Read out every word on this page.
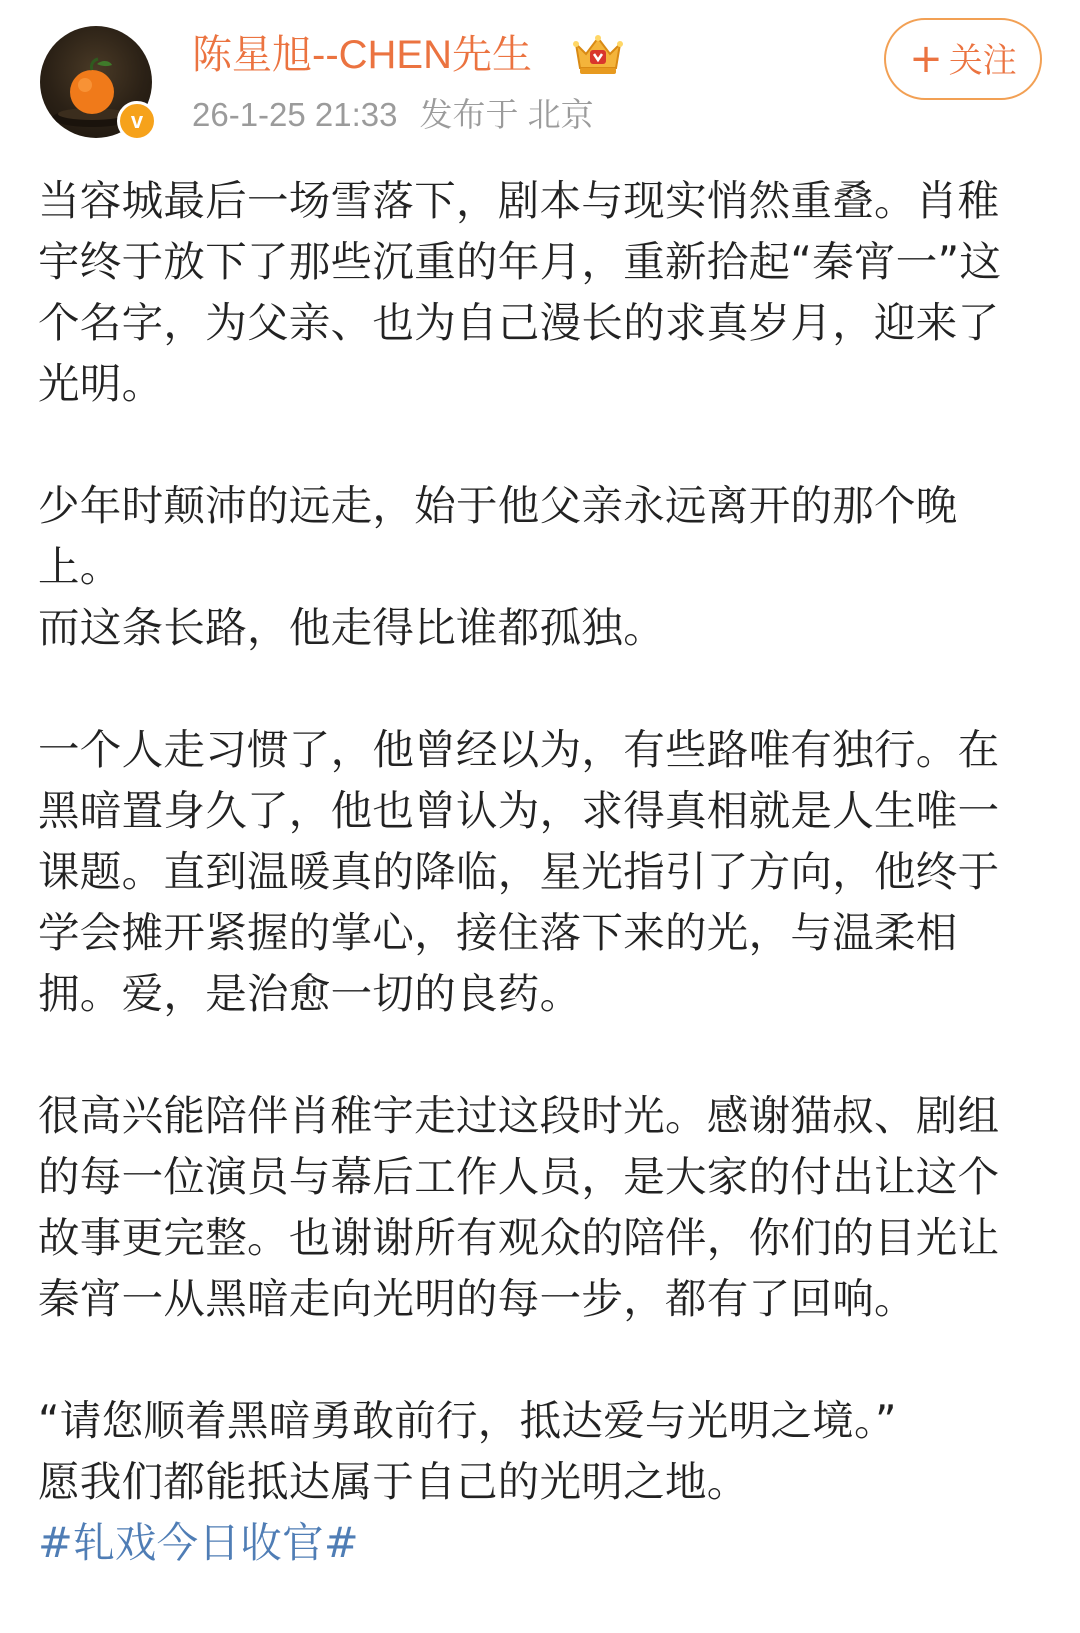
v
陈星旭--CHEN先生
26-1-25 21:33 发布于 北京
+ 关注

当容城最后一场雪落下，剧本与现实悄然重叠。肖稚宇终于放下了那些沉重的年月，重新拾起“秦宵一”这个名字，为父亲、也为自己漫长的求真岁月，迎来了光明。

少年时颠沛的远走，始于他父亲永远离开的那个晚上。

而这条长路，他走得比谁都孤独。

一个人走习惯了，他曾经以为，有些路唯有独行。在黑暗置身久了，他也曾认为，求得真相就是人生唯一课题。直到温暖真的降临，星光指引了方向，他终于学会摊开紧握的掌心，接住落下来的光，与温柔相拥。爱，是治愈一切的良药。

很高兴能陪伴肖稚宇走过这段时光。感谢猫叔、剧组的每一位演员与幕后工作人员，是大家的付出让这个故事更完整。也谢谢所有观众的陪伴，你们的目光让秦宵一从黑暗走向光明的每一步，都有了回响。

“请您顺着黑暗勇敢前行，抵达爱与光明之境。”

愿我们都能抵达属于自己的光明之地。

#轧戏今日收官#
